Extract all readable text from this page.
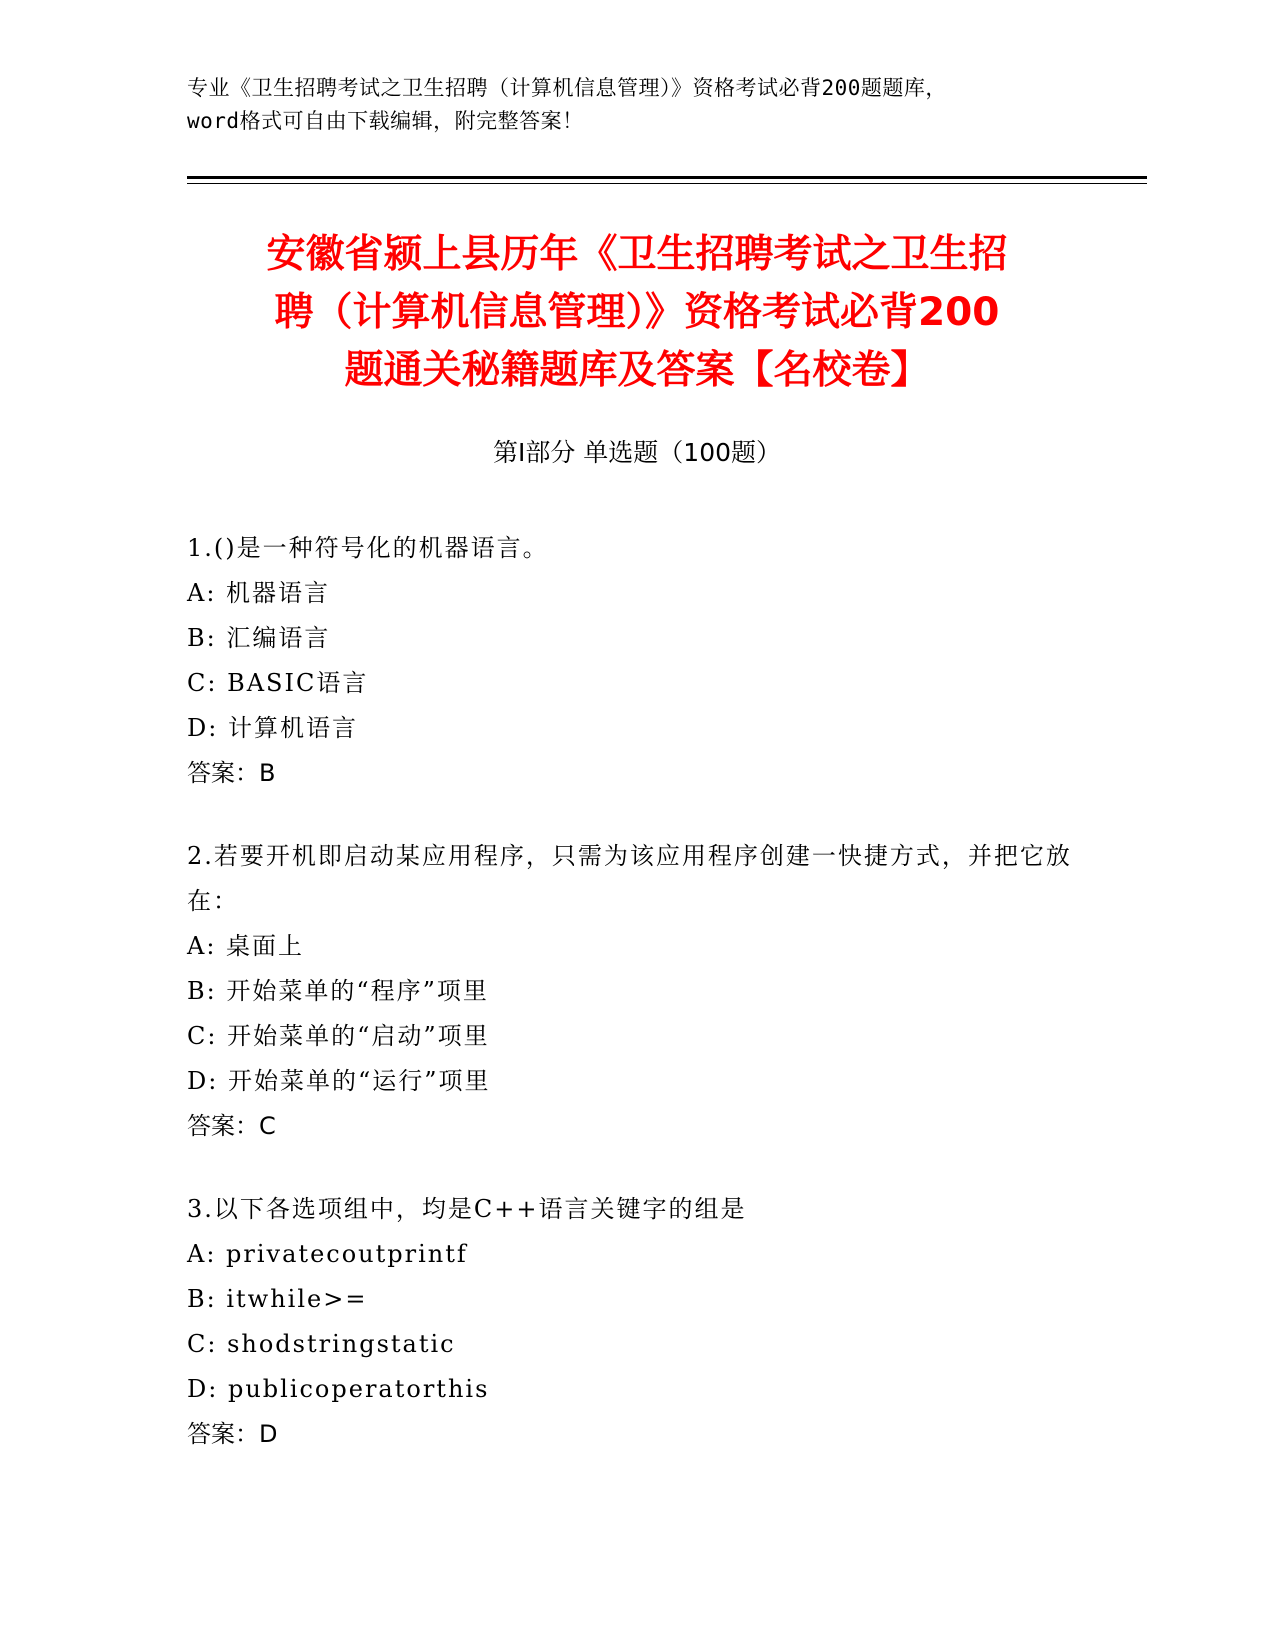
专业《卫生招聘考试之卫生招聘（计算机信息管理）》资格考试必背200题题库，
word格式可自由下载编辑，附完整答案！
安徽省颍上县历年《卫生招聘考试之卫生招
聘（计算机信息管理）》资格考试必背200
题通关秘籍题库及答案【名校卷】
第Ⅰ部分 单选题（100题）
1.()是一种符号化的机器语言。
A: 机器语言
B: 汇编语言
C: BASIC语言
D: 计算机语言
答案：B
2.若要开机即启动某应用程序，只需为该应用程序创建一快捷方式，并把它放在：
A: 桌面上
B: 开始菜单的“程序”项里
C: 开始菜单的“启动”项里
D: 开始菜单的“运行”项里
答案：C
3.以下各选项组中，均是C++语言关键字的组是
A: privatecoutprintf
B: itwhile>=
C: shodstringstatic
D: publicoperatorthis
答案：D
